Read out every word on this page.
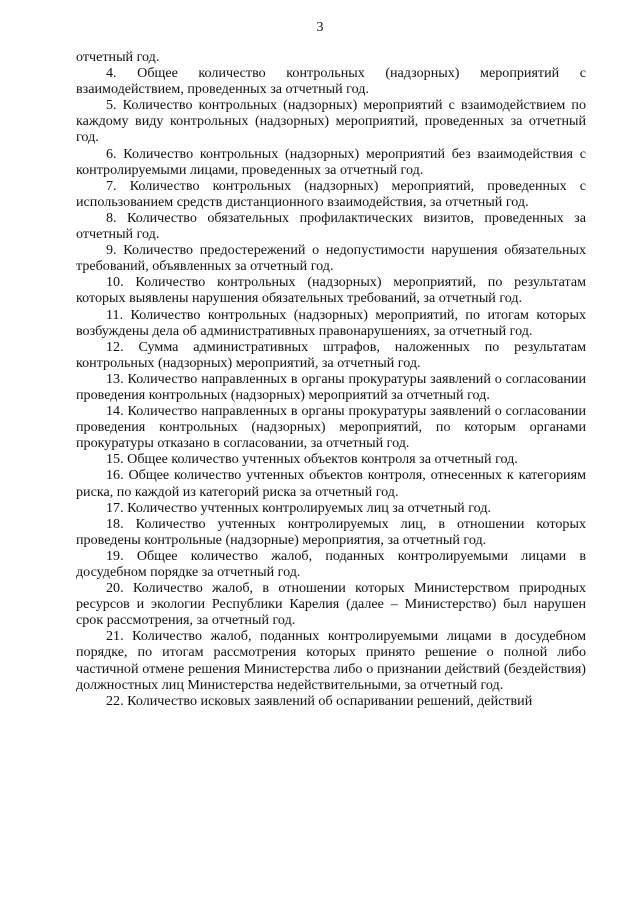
3

отчетный год.

4. Общее количество контрольных (надзорных) мероприятий с взаимодействием, проведенных за отчетный год.

5. Количество контрольных (надзорных) мероприятий с взаимодействием по каждому виду контрольных (надзорных) мероприятий, проведенных за отчетный год.

6. Количество контрольных (надзорных) мероприятий без взаимодействия с контролируемыми лицами, проведенных за отчетный год.

7. Количество контрольных (надзорных) мероприятий, проведенных с использованием средств дистанционного взаимодействия, за отчетный год.

8. Количество обязательных профилактических визитов, проведенных за отчетный год.

9. Количество предостережений о недопустимости нарушения обязательных требований, объявленных за отчетный год.

10. Количество контрольных (надзорных) мероприятий, по результатам которых выявлены нарушения обязательных требований, за отчетный год.

11. Количество контрольных (надзорных) мероприятий, по итогам которых возбуждены дела об административных правонарушениях, за отчетный год.

12. Сумма административных штрафов, наложенных по результатам контрольных (надзорных) мероприятий, за отчетный год.

13. Количество направленных в органы прокуратуры заявлений о согласовании проведения контрольных (надзорных) мероприятий за отчетный год.

14. Количество направленных в органы прокуратуры заявлений о согласовании проведения контрольных (надзорных) мероприятий, по которым органами прокуратуры отказано в согласовании, за отчетный год.

15. Общее количество учтенных объектов контроля за отчетный год.

16. Общее количество учтенных объектов контроля, отнесенных к категориям риска, по каждой из категорий риска за отчетный год.

17. Количество учтенных контролируемых лиц за отчетный год.

18. Количество учтенных контролируемых лиц, в отношении которых проведены контрольные (надзорные) мероприятия, за отчетный год.

19. Общее количество жалоб, поданных контролируемыми лицами в досудебном порядке за отчетный год.

20. Количество жалоб, в отношении которых Министерством природных ресурсов и экологии Республики Карелия (далее – Министерство) был нарушен срок рассмотрения, за отчетный год.

21. Количество жалоб, поданных контролируемыми лицами в досудебном порядке, по итогам рассмотрения которых принято решение о полной либо частичной отмене решения Министерства либо о признании действий (бездействия) должностных лиц Министерства недействительными, за отчетный год.

22. Количество исковых заявлений об оспаривании решений, действий
